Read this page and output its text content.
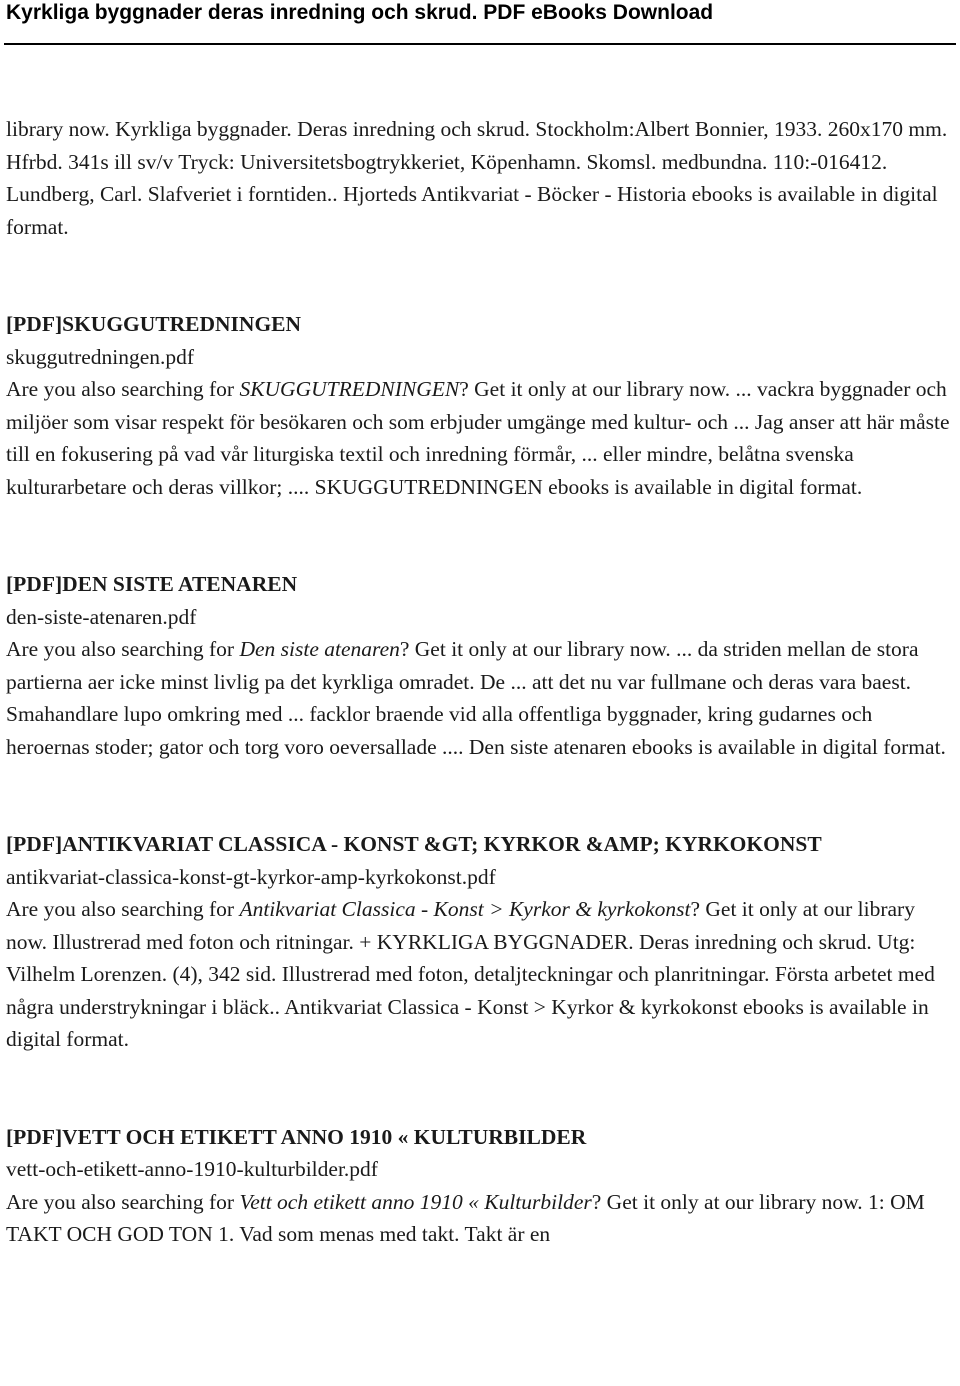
Kyrkliga byggnader deras inredning och skrud. PDF eBooks Download

library now. Kyrkliga byggnader. Deras inredning och skrud. Stockholm:Albert Bonnier, 1933. 260x170 mm. Hfrbd. 341s ill sv/v Tryck: Universitetsbogtrykkeriet, Köpenhamn. Skomsl. medbundna. 110:-016412. Lundberg, Carl. Slafveriet i forntiden.. Hjorteds Antikvariat - Böcker - Historia ebooks is available in digital format.

[PDF]SKUGGUTREDNINGEN

skuggutredningen.pdf

Are you also searching for SKUGGUTREDNINGEN? Get it only at our library now. ... vackra byggnader och miljöer som visar respekt för besökaren och som erbjuder umgänge med kultur- och ... Jag anser att här måste till en fokusering på vad vår liturgiska textil och inredning förmår, ... eller mindre, belåtna svenska kulturarbetare och deras villkor; .... SKUGGUTREDNINGEN ebooks is available in digital format.

[PDF]DEN SISTE ATENAREN

den-siste-atenaren.pdf

Are you also searching for Den siste atenaren? Get it only at our library now. ... da striden mellan de stora partierna aer icke minst livlig pa det kyrkliga omradet. De ... att det nu var fullmane och deras vara baest. Smahandlare lupo omkring med ... facklor braende vid alla offentliga byggnader, kring gudarnes och heroernas stoder; gator och torg voro oeversallade .... Den siste atenaren ebooks is available in digital format.

[PDF]ANTIKVARIAT CLASSICA - KONST &GT; KYRKOR &AMP; KYRKOKONST

antikvariat-classica-konst-gt-kyrkor-amp-kyrkokonst.pdf

Are you also searching for Antikvariat Classica - Konst > Kyrkor & kyrkokonst? Get it only at our library now. Illustrerad med foton och ritningar. + KYRKLIGA BYGGNADER. Deras inredning och skrud. Utg: Vilhelm Lorenzen. (4), 342 sid. Illustrerad med foton, detaljteckningar och planritningar. Första arbetet med några understrykningar i bläck.. Antikvariat Classica - Konst > Kyrkor & kyrkokonst ebooks is available in digital format.

[PDF]VETT OCH ETIKETT ANNO 1910 « KULTURBILDER

vett-och-etikett-anno-1910-kulturbilder.pdf

Are you also searching for Vett och etikett anno 1910 « Kulturbilder? Get it only at our library now. 1: OM TAKT OCH GOD TON 1. Vad som menas med takt. Takt är en
